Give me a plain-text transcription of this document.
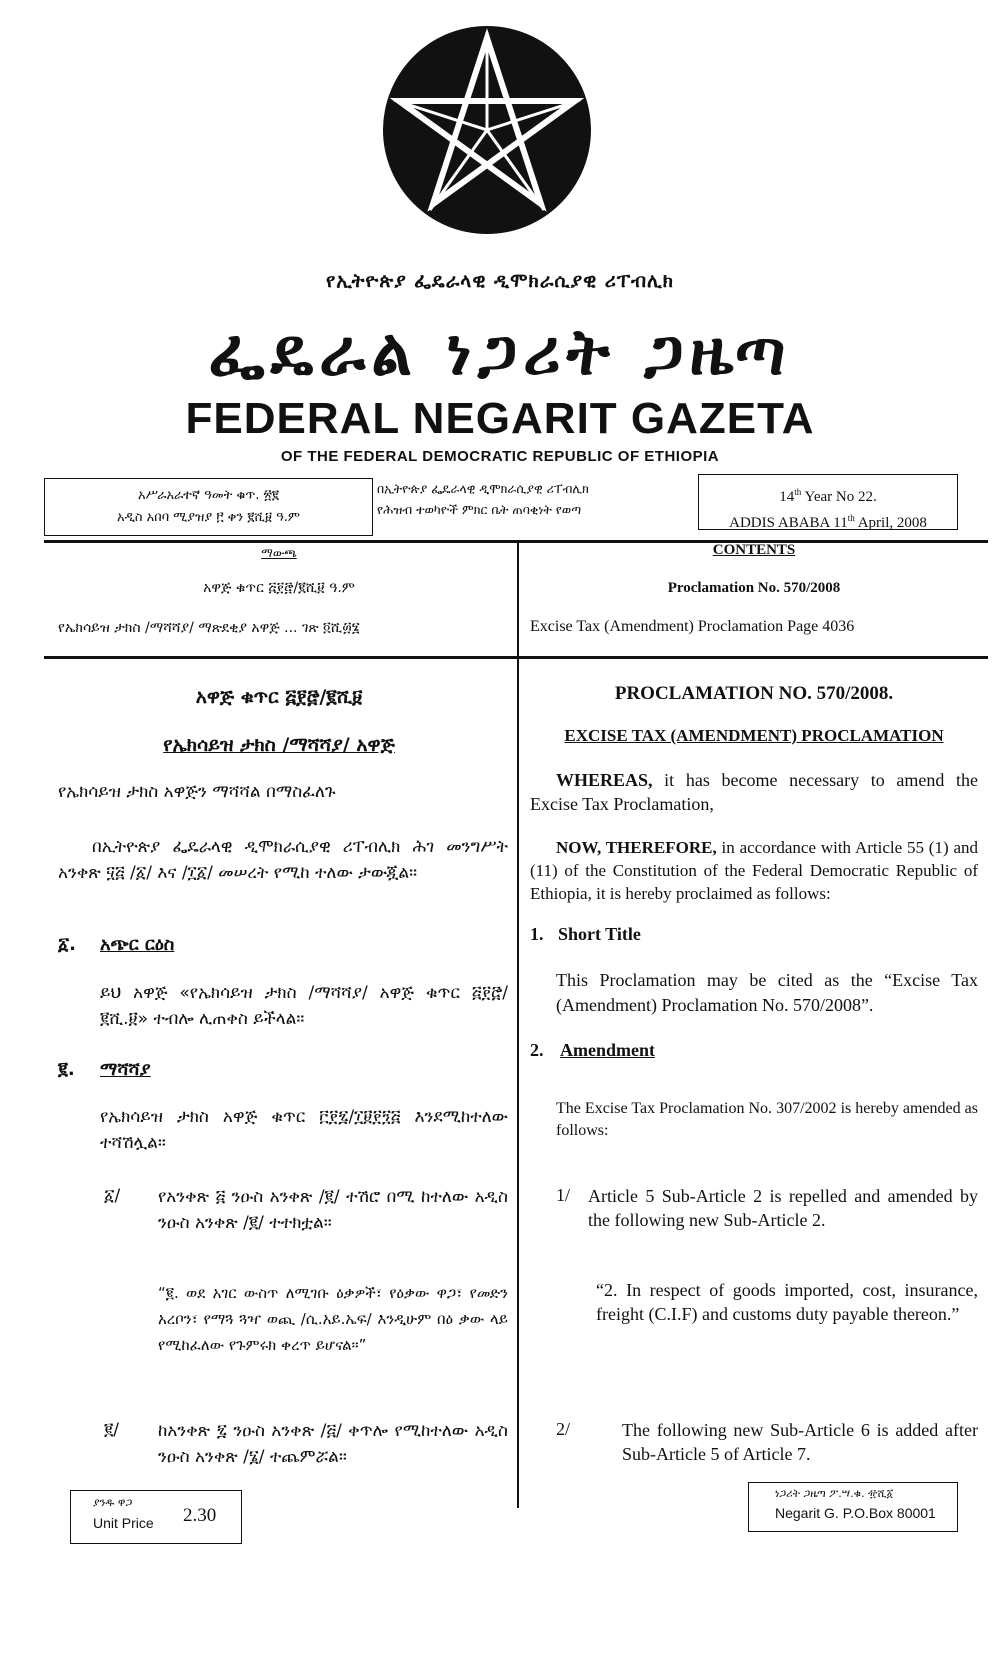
የኢትዮጵያ ፌዴራላዊ ዲሞክራሲያዊ ሪፐብሊክ
ፌዴራል ነጋሪት ጋዜጣ
FEDERAL NEGARIT GAZETA
OF THE FEDERAL DEMOCRATIC REPUBLIC OF ETHIOPIA
አሥራአራተኛ ዓመት ቁጥ. ፳፪
አዲስ አበባ ሚያዝያ ፫ ቀን ፪ሺ፱ ዓ.ም
በኢትዮጵያ ፌዴራላዊ ዲሞክራሲያዊ ሪፐብሊክ
የሕዝብ ተወካዮች ምክር ቤት ጠባቂነት የወጣ
14th Year No 22.
ADDIS ABABA 11th April, 2008
ማውጫ
አዋጅ ቁጥር ፭፻፸/፪ሺ፱ ዓ.ም
የኤክሳይዝ ታክስ /ማሻሻያ/ ማጽደቂያ አዋጅ ... ገጽ ፬ሺ፴፮
CONTENTS
Proclamation No. 570/2008
Excise Tax (Amendment) Proclamation Page 4036
አዋጅ ቁጥር ፭፻፸/፪ሺ፱
የኤክሳይዝ ታክስ /ማሻሻያ/ አዋጅ
የኤክሳይዝ ታክስ አዋጅን ማሻሻል በማስፈለጉ
በኢትዮጵያ ፌዴራላዊ ዲሞክራሲያዊ ሪፐብሊክ ሕገ መንግሥት አንቀጽ ፶፭ /፩/ እና /፲፩/ መሠረት የሚከ ተለው ታውጇል።
፩. አጭር ርዕስ
ይህ አዋጅ «የኤክሳይዝ ታክስ /ማሻሻያ/ አዋጅ ቁጥር ፭፻፸/፪ሺ.፱» ተብሎ ሊጠቀስ ይችላል።
፪. ማሻሻያ
የኤክሳይዝ ታክስ አዋጅ ቁጥር ፫፻፯/፲፱፻፺፭ እንደሚከተለው ተሻሽሏል።
፩/ የአንቀጽ ፭ ንዑስ አንቀጽ /፪/ ተሽሮ በሚ ከተለው አዲስ ንዑስ አንቀጽ /፪/ ተተክቷል።
“፪. ወደ አገር ውስጥ ለሚገቡ ዕቃዎች፣ የዕቃው ዋጋ፣ የመድን አረቦን፣ የማጓ ጓዣ ወጪ /ሲ.አይ.ኤፍ/ እንዲሁም በዕ ቃው ላይ የሚከፈለው የጉምሩክ ቀረጥ ይሆናል።”
፪/ ከአንቀጽ ፯ ንዑስ አንቀጽ /፭/ ቀጥሎ የሚከተለው አዲስ ንዑስ አንቀጽ /፮/ ተጨምሯል።
PROCLAMATION NO. 570/2008.
EXCISE TAX (AMENDMENT) PROCLAMATION
WHEREAS, it has become necessary to amend the Excise Tax Proclamation,
NOW, THEREFORE, in accordance with Article 55 (1) and (11) of the Constitution of the Federal Democratic Republic of Ethiopia, it is hereby proclaimed as follows:
1. Short Title
This Proclamation may be cited as the “Excise Tax (Amendment) Proclamation No. 570/2008”.
2. Amendment
The Excise Tax Proclamation No. 307/2002 is hereby amended as follows:
1/ Article 5 Sub-Article 2 is repelled and amended by the following new Sub-Article 2.
“2. In respect of goods imported, cost, insurance, freight (C.I.F) and customs duty payable thereon.”
2/	The following new Sub-Article 6 is added after Sub-Article 5 of Article 7.
ያንዱ ዋጋ
Unit Price 2.30
ነጋሪት ጋዜጣ ፖ.ሣ.ቁ. ፹ሺ፩
Negarit G. P.O.Box 80001
